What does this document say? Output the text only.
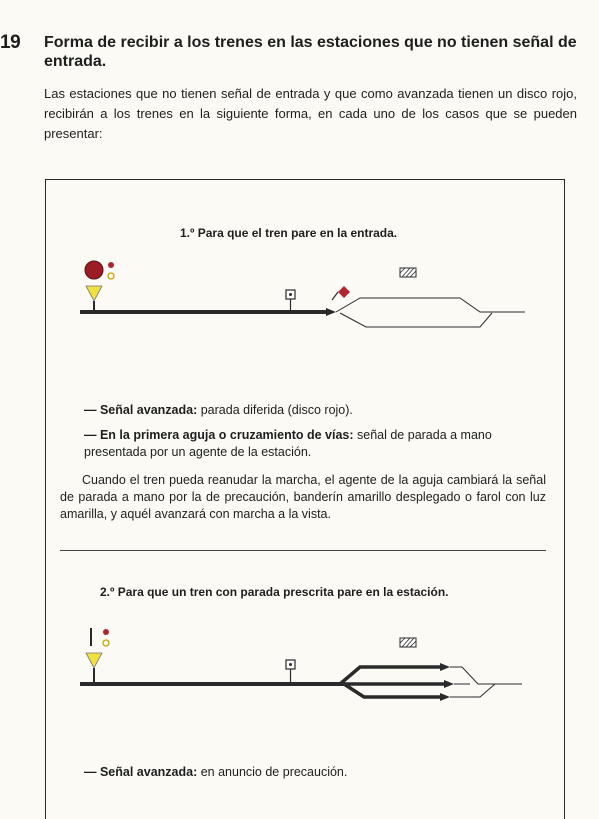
19 Forma de recibir a los trenes en las estaciones que no tienen señal de entrada.
Las estaciones que no tienen señal de entrada y que como avanzada tienen un disco rojo, recibirán a los trenes en la siguiente forma, en cada uno de los casos que se pueden presentar:
1.º Para que el tren pare en la entrada.
— Señal avanzada: parada diferida (disco rojo).
— En la primera aguja o cruzamiento de vías: señal de parada a mano presentada por un agente de la estación.
Cuando el tren pueda reanudar la marcha, el agente de la aguja cambiará la señal de parada a mano por la de precaución, banderín amarillo desplegado o farol con luz amarilla, y aquél avanzará con marcha a la vista.
2.º Para que un tren con parada prescrita pare en la estación.
— Señal avanzada: en anuncio de precaución.
